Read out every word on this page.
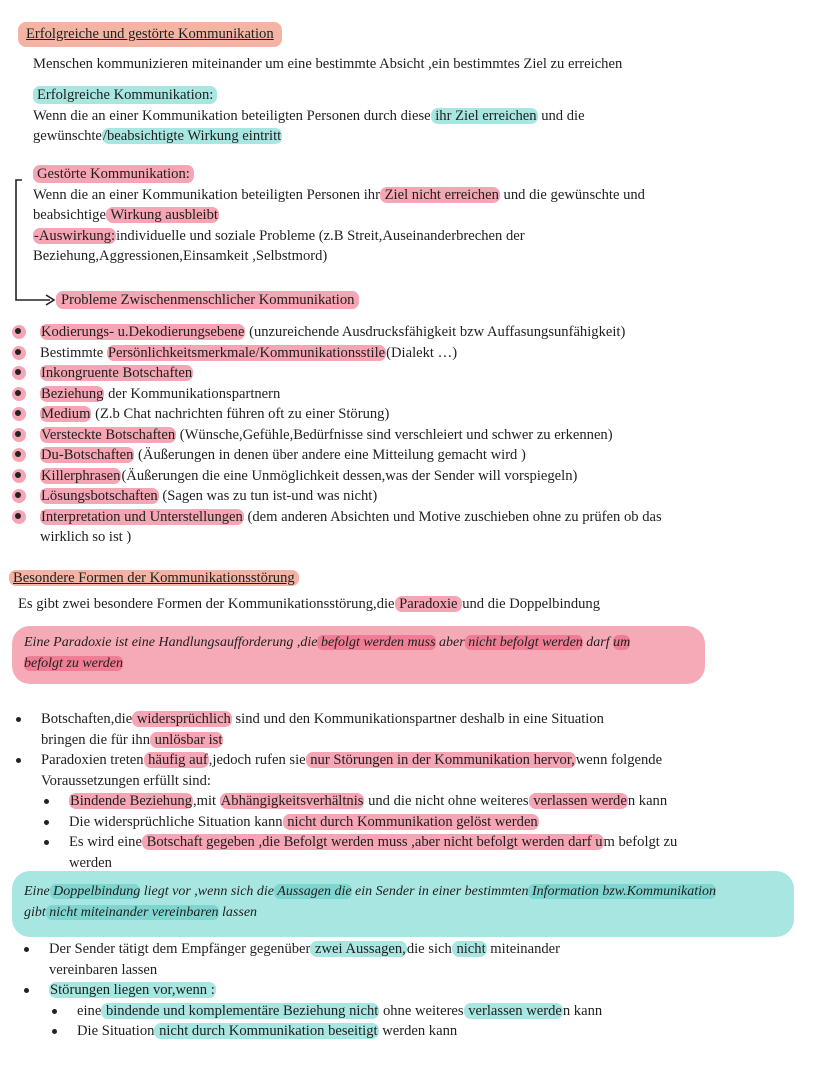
Erfolgreiche und gestörte Kommunikation
Menschen kommunizieren miteinander um eine bestimmte Absicht ,ein bestimmtes Ziel zu erreichen
Erfolgreiche Kommunikation:
Wenn die an einer Kommunikation beteiligten Personen durch diese ihr Ziel erreichen und die
gewünschte/beabsichtigte Wirkung eintritt
Gestörte Kommunikation:
Wenn die an einer Kommunikation beteiligten Personen ihr Ziel nicht erreichen und die gewünschte und
beabsichtige Wirkung ausbleibt
-Auswirkung:individuelle und soziale Probleme (z.B Streit,Auseinanderbrechen der
Beziehung,Aggressionen,Einsamkeit ,Selbstmord)
Probleme Zwischenmenschlicher Kommunikation
Kodierungs- u.Dekodierungsebene (unzureichende Ausdrucksfähigkeit bzw Auffasungsunfähigkeit)
Bestimmte Persönlichkeitsmerkmale/Kommunikationsstile(Dialekt …)
Inkongruente Botschaften
Beziehung der Kommunikationspartnern
Medium (Z.b Chat nachrichten führen oft zu einer Störung)
Versteckte Botschaften (Wünsche,Gefühle,Bedürfnisse sind verschleiert und schwer zu erkennen)
Du-Botschaften (Äußerungen in denen über andere eine Mitteilung gemacht wird )
Killerphrasen(Äußerungen die eine Unmöglichkeit dessen,was der Sender will vorspiegeln)
Lösungsbotschaften (Sagen was zu tun ist-und was nicht)
Interpretation und Unterstellungen (dem anderen Absichten und Motive zuschieben ohne zu prüfen ob das
wirklich so ist )
Besondere Formen der Kommunikationsstörung
Es gibt zwei besondere Formen der Kommunikationsstörung,die Paradoxie und die Doppelbindung
Eine Paradoxie ist eine Handlungsaufforderung ,die befolgt werden muss aber nicht befolgt werden darf um
befolgt zu werden
Botschaften,die widersprüchlich sind und den Kommunikationspartner deshalb in eine Situation
bringen die für ihn unlösbar ist
Paradoxien treten häufig auf,jedoch rufen sie nur Störungen in der Kommunikation hervor,wenn folgende
Voraussetzungen erfüllt sind:
Bindende Beziehung,mit Abhängigkeitsverhältnis und die nicht ohne weiteres verlassen werden kann
Die widersprüchliche Situation kann nicht durch Kommunikation gelöst werden
Es wird eine Botschaft gegeben ,die Befolgt werden muss ,aber nicht befolgt werden darf um befolgt zu
werden
Eine Doppelbindung liegt vor ,wenn sich die Aussagen die ein Sender in einer bestimmten Information bzw.Kommunikation
gibt nicht miteinander vereinbaren lassen
Der Sender tätigt dem Empfänger gegenüber zwei Aussagen,die sich nicht miteinander
vereinbaren lassen
Störungen liegen vor,wenn :
eine bindende und komplementäre Beziehung nicht ohne weiteres verlassen werden kann
Die Situation nicht durch Kommunikation beseitigt werden kann
